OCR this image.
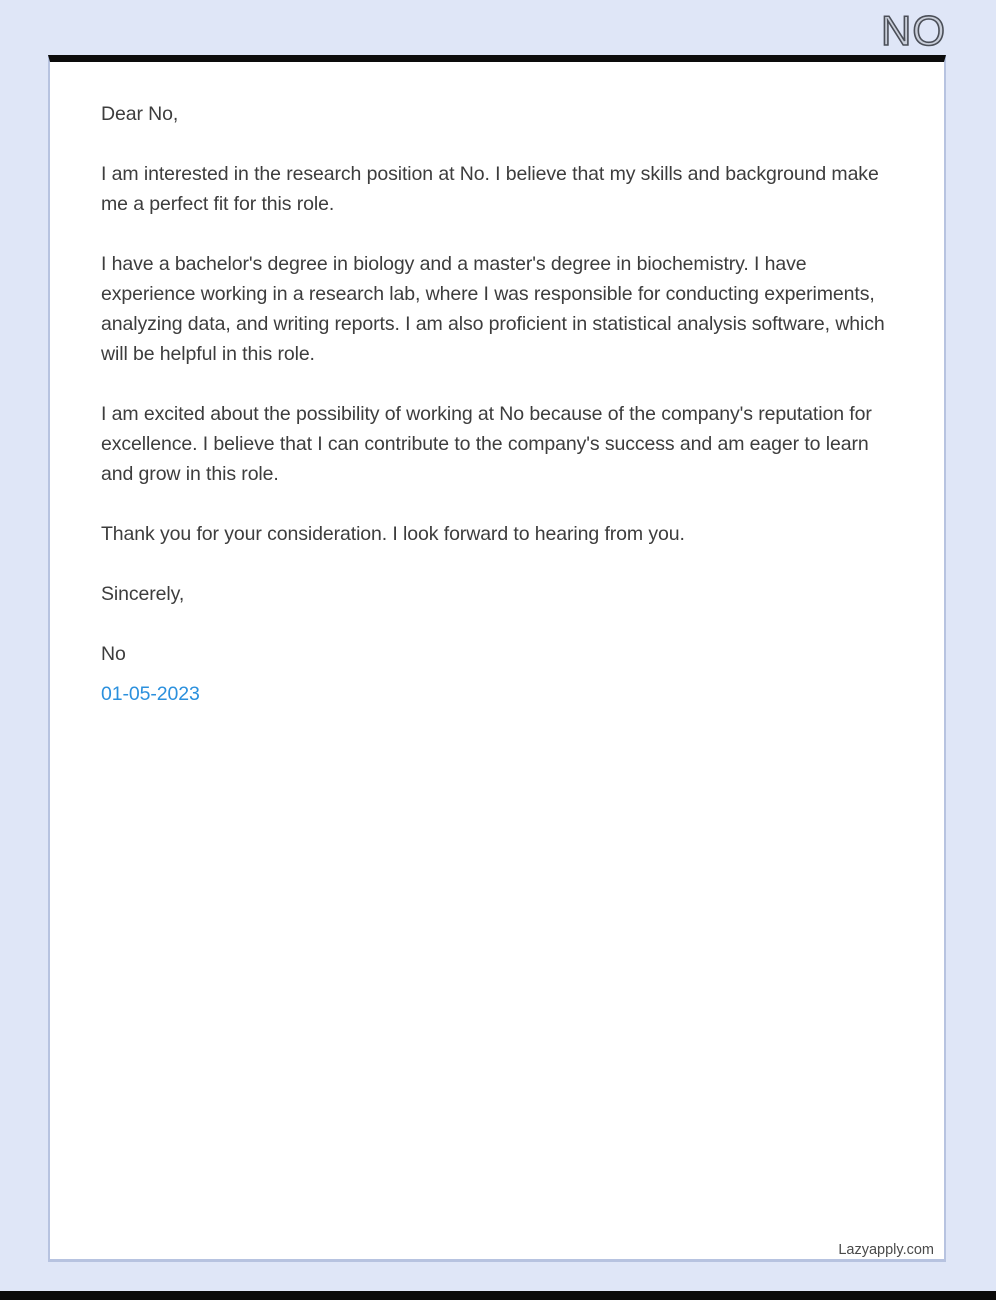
NO

Dear No,

I am interested in the research position at No. I believe that my skills and background make me a perfect fit for this role.

I have a bachelor's degree in biology and a master's degree in biochemistry. I have experience working in a research lab, where I was responsible for conducting experiments, analyzing data, and writing reports. I am also proficient in statistical analysis software, which will be helpful in this role.

I am excited about the possibility of working at No because of the company's reputation for excellence. I believe that I can contribute to the company's success and am eager to learn and grow in this role.

Thank you for your consideration. I look forward to hearing from you.

Sincerely,

No

01-05-2023

Lazyapply.com
